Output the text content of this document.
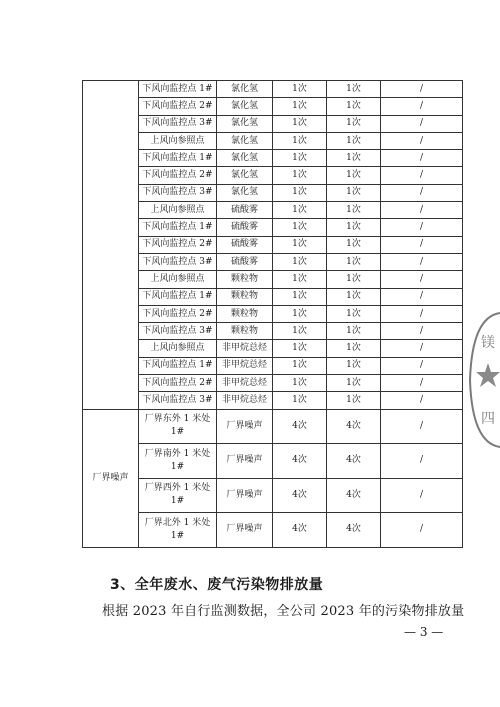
	下风向监控点 1#	氯化氢	1次	1次	/
	下风向监控点 2#	氯化氢	1次	1次	/
	下风向监控点 3#	氯化氢	1次	1次	/
	上风向参照点	氯化氢	1次	1次	/
	下风向监控点 1#	氯化氢	1次	1次	/
	下风向监控点 2#	氯化氢	1次	1次	/
	下风向监控点 3#	氯化氢	1次	1次	/
	上风向参照点	硫酸雾	1次	1次	/
	下风向监控点 1#	硫酸雾	1次	1次	/
	下风向监控点 2#	硫酸雾	1次	1次	/
	下风向监控点 3#	硫酸雾	1次	1次	/
	上风向参照点	颗粒物	1次	1次	/
	下风向监控点 1#	颗粒物	1次	1次	/
	下风向监控点 2#	颗粒物	1次	1次	/
	下风向监控点 3#	颗粒物	1次	1次	/
	上风向参照点	非甲烷总烃	1次	1次	/
	下风向监控点 1#	非甲烷总烃	1次	1次	/
	下风向监控点 2#	非甲烷总烃	1次	1次	/
	下风向监控点 3#	非甲烷总烃	1次	1次	/
厂界噪声	厂界东外 1 米处 1#	厂界噪声	4次	4次	/
	厂界南外 1 米处 1#	厂界噪声	4次	4次	/
	厂界西外 1 米处 1#	厂界噪声	4次	4次	/
	厂界北外 1 米处 1#	厂界噪声	4次	4次	/
3、全年废水、废气污染物排放量
根据 2023 年自行监测数据，全公司 2023 年的污染物排放量
— 3 —
镁
四
